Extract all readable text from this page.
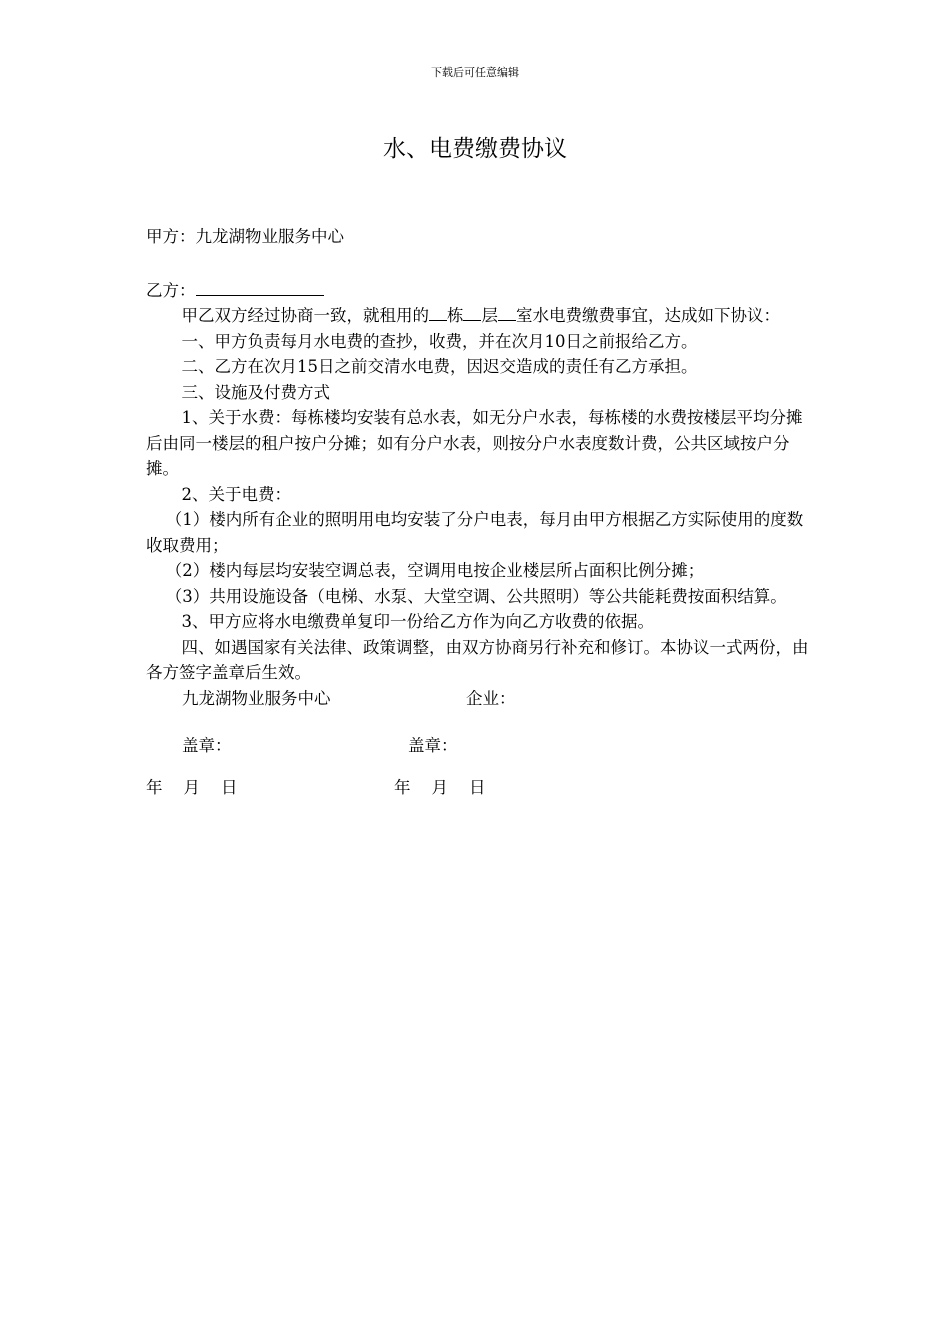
下载后可任意编辑
水、电费缴费协议

甲方：九龙湖物业服务中心

乙方：

甲乙双方经过协商一致，就租用的 栋 层 室水电费缴费事宜，达成如下协议：

一、甲方负责每月水电费的查抄，收费，并在次月10日之前报给乙方。

二、乙方在次月15日之前交清水电费，因迟交造成的责任有乙方承担。

三、设施及付费方式

1、关于水费：每栋楼均安装有总水表，如无分户水表，每栋楼的水费按楼层平均分摊后由同一楼层的租户按户分摊；如有分户水表，则按分户水表度数计费，公共区域按户分摊。

2、关于电费：

（1）楼内所有企业的照明用电均安装了分户电表，每月由甲方根据乙方实际使用的度数收取费用；

（2）楼内每层均安装空调总表，空调用电按企业楼层所占面积比例分摊；

（3）共用设施设备（电梯、水泵、大堂空调、公共照明）等公共能耗费按面积结算。

3、甲方应将水电缴费单复印一份给乙方作为向乙方收费的依据。

四、如遇国家有关法律、政策调整，由双方协商另行补充和修订。本协议一式两份，由各方签字盖章后生效。

九龙湖物业服务中心	企业：
盖章：	盖章：
年    月    日	年    月    日
